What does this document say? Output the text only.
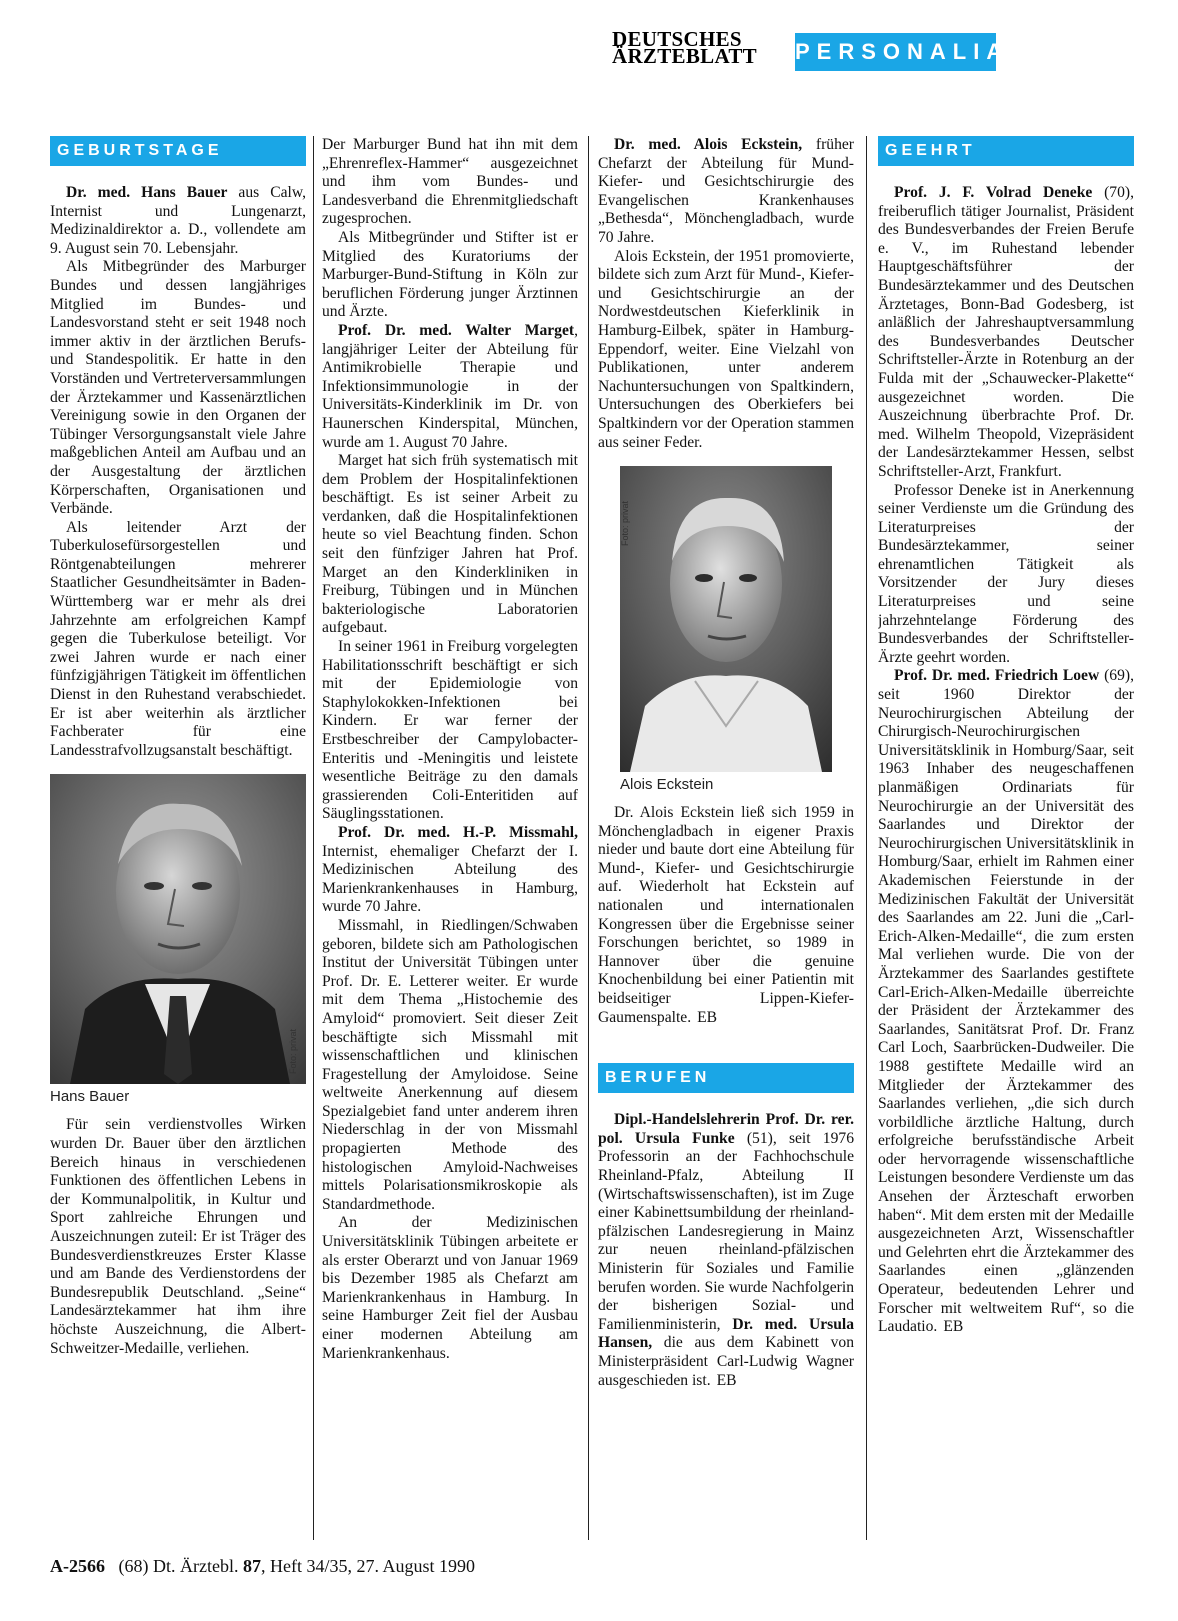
DEUTSCHES
ÄRZTEBLATT	PERSONALIA
GEBURTSTAGE

Dr. med. Hans Bauer aus Calw, Internist und Lungenarzt, Medizinaldirektor a. D., vollendete am 9. August sein 70. Lebensjahr.

Als Mitbegründer des Marburger Bundes und dessen langjähriges Mitglied im Bundes- und Landesvorstand steht er seit 1948 noch immer aktiv in der ärztlichen Berufs- und Standespolitik. Er hatte in den Vorständen und Vertreterversammlungen der Ärztekammer und Kassenärztlichen Vereinigung sowie in den Organen der Tübinger Versorgungsanstalt viele Jahre maßgeblichen Anteil am Aufbau und an der Ausgestaltung der ärztlichen Körperschaften, Organisationen und Verbände.

Als leitender Arzt der Tuberkulosefürsorgestellen und Röntgenabteilungen mehrerer Staatlicher Gesundheitsämter in Baden-Württemberg war er mehr als drei Jahrzehnte am erfolgreichen Kampf gegen die Tuberkulose beteiligt. Vor zwei Jahren wurde er nach einer fünfzigjährigen Tätigkeit im öffentlichen Dienst in den Ruhestand verabschiedet. Er ist aber weiterhin als ärztlicher Fachberater für eine Landesstrafvollzugsanstalt beschäftigt.

Foto: privat
Hans Bauer

Für sein verdienstvolles Wirken wurden Dr. Bauer über den ärztlichen Bereich hinaus in verschiedenen Funktionen des öffentlichen Lebens in der Kommunalpolitik, in Kultur und Sport zahlreiche Ehrungen und Auszeichnungen zuteil: Er ist Träger des Bundesverdienstkreuzes Erster Klasse und am Bande des Verdienstordens der Bundesrepublik Deutschland. „Seine“ Landesärztekammer hat ihm ihre höchste Auszeichnung, die Albert-Schweitzer-Medaille, verliehen.

Der Marburger Bund hat ihn mit dem „Ehrenreflex-Hammer“ ausgezeichnet und ihm vom Bundes- und Landesverband die Ehrenmitgliedschaft zugesprochen.

Als Mitbegründer und Stifter ist er Mitglied des Kuratoriums der Marburger-Bund-Stiftung in Köln zur beruflichen Förderung junger Ärztinnen und Ärzte.

Prof. Dr. med. Walter Marget, langjähriger Leiter der Abteilung für Antimikrobielle Therapie und Infektionsimmunologie in der Universitäts-Kinderklinik im Dr. von Haunerschen Kinderspital, München, wurde am 1. August 70 Jahre.

Marget hat sich früh systematisch mit dem Problem der Hospitalinfektionen beschäftigt. Es ist seiner Arbeit zu verdanken, daß die Hospitalinfektionen heute so viel Beachtung finden. Schon seit den fünfziger Jahren hat Prof. Marget an den Kinderkliniken in Freiburg, Tübingen und in München bakteriologische Laboratorien aufgebaut.

In seiner 1961 in Freiburg vorgelegten Habilitationsschrift beschäftigt er sich mit der Epidemiologie von Staphylokokken-Infektionen bei Kindern. Er war ferner der Erstbeschreiber der Campylobacter-Enteritis und -Meningitis und leistete wesentliche Beiträge zu den damals grassierenden Coli-Enteritiden auf Säuglingsstationen.

Prof. Dr. med. H.-P. Missmahl, Internist, ehemaliger Chefarzt der I. Medizinischen Abteilung des Marienkrankenhauses in Hamburg, wurde 70 Jahre.

Missmahl, in Riedlingen/Schwaben geboren, bildete sich am Pathologischen Institut der Universität Tübingen unter Prof. Dr. E. Letterer weiter. Er wurde mit dem Thema „Histochemie des Amyloid“ promoviert. Seit dieser Zeit beschäftigte sich Missmahl mit wissenschaftlichen und klinischen Fragestellung der Amyloidose. Seine weltweite Anerkennung auf diesem Spezialgebiet fand unter anderem ihren Niederschlag in der von Missmahl propagierten Methode des histologischen Amyloid-Nachweises mittels Polarisationsmikroskopie als Standardmethode.

An der Medizinischen Universitätsklinik Tübingen arbeitete er als erster Oberarzt und von Januar 1969 bis Dezember 1985 als Chefarzt am Marienkrankenhaus in Hamburg. In seine Hamburger Zeit fiel der Ausbau einer modernen Abteilung am Marienkrankenhaus.

Dr. med. Alois Eckstein, früher Chefarzt der Abteilung für Mund-Kiefer- und Gesichtschirurgie des Evangelischen Krankenhauses „Bethesda“, Mönchengladbach, wurde 70 Jahre.

Alois Eckstein, der 1951 promovierte, bildete sich zum Arzt für Mund-, Kiefer- und Gesichtschirurgie an der Nordwestdeutschen Kieferklinik in Hamburg-Eilbek, später in Hamburg-Eppendorf, weiter. Eine Vielzahl von Publikationen, unter anderem Nachuntersuchungen von Spaltkindern, Untersuchungen des Oberkiefers bei Spaltkindern vor der Operation stammen aus seiner Feder.

Foto: privat
Alois Eckstein

Dr. Alois Eckstein ließ sich 1959 in Mönchengladbach in eigener Praxis nieder und baute dort eine Abteilung für Mund-, Kiefer- und Gesichtschirurgie auf. Wiederholt hat Eckstein auf nationalen und internationalen Kongressen über die Ergebnisse seiner Forschungen berichtet, so 1989 in Hannover über die genuine Knochenbildung bei einer Patientin mit beidseitiger Lippen-Kiefer-Gaumenspalte. EB

BERUFEN

Dipl.-Handelslehrerin Prof. Dr. rer. pol. Ursula Funke (51), seit 1976 Professorin an der Fachhochschule Rheinland-Pfalz, Abteilung II (Wirtschaftswissenschaften), ist im Zuge einer Kabinettsumbildung der rheinland-pfälzischen Landesregierung in Mainz zur neuen rheinland-pfälzischen Ministerin für Soziales und Familie berufen worden. Sie wurde Nachfolgerin der bisherigen Sozial- und Familienministerin, Dr. med. Ursula Hansen, die aus dem Kabinett von Ministerpräsident Carl-Ludwig Wagner ausgeschieden ist. EB

GEEHRT

Prof. J. F. Volrad Deneke (70), freiberuflich tätiger Journalist, Präsident des Bundesverbandes der Freien Berufe e. V., im Ruhestand lebender Hauptgeschäftsführer der Bundesärztekammer und des Deutschen Ärztetages, Bonn-Bad Godesberg, ist anläßlich der Jahreshauptversammlung des Bundesverbandes Deutscher Schriftsteller-Ärzte in Rotenburg an der Fulda mit der „Schauwecker-Plakette“ ausgezeichnet worden. Die Auszeichnung überbrachte Prof. Dr. med. Wilhelm Theopold, Vizepräsident der Landesärztekammer Hessen, selbst Schriftsteller-Arzt, Frankfurt.

Professor Deneke ist in Anerkennung seiner Verdienste um die Gründung des Literaturpreises der Bundesärztekammer, seiner ehrenamtlichen Tätigkeit als Vorsitzender der Jury dieses Literaturpreises und seine jahrzehntelange Förderung des Bundesverbandes der Schriftsteller-Ärzte geehrt worden.

Prof. Dr. med. Friedrich Loew (69), seit 1960 Direktor der Neurochirurgischen Abteilung der Chirurgisch-Neurochirurgischen Universitätsklinik in Homburg/Saar, seit 1963 Inhaber des neugeschaffenen planmäßigen Ordinariats für Neurochirurgie an der Universität des Saarlandes und Direktor der Neurochirurgischen Universitätsklinik in Homburg/Saar, erhielt im Rahmen einer Akademischen Feierstunde in der Medizinischen Fakultät der Universität des Saarlandes am 22. Juni die „Carl-Erich-Alken-Medaille“, die zum ersten Mal verliehen wurde. Die von der Ärztekammer des Saarlandes gestiftete Carl-Erich-Alken-Medaille überreichte der Präsident der Ärztekammer des Saarlandes, Sanitätsrat Prof. Dr. Franz Carl Loch, Saarbrücken-Dudweiler. Die 1988 gestiftete Medaille wird an Mitglieder der Ärztekammer des Saarlandes verliehen, „die sich durch vorbildliche ärztliche Haltung, durch erfolgreiche berufsständische Arbeit oder hervorragende wissenschaftliche Leistungen besondere Verdienste um das Ansehen der Ärzteschaft erworben haben“. Mit dem ersten mit der Medaille ausgezeichneten Arzt, Wissenschaftler und Gelehrten ehrt die Ärztekammer des Saarlandes einen „glänzenden Operateur, bedeutenden Lehrer und Forscher mit weltweitem Ruf“, so die Laudatio. EB

A-2566 (68) Dt. Ärztebl. 87, Heft 34/35, 27. August 1990
